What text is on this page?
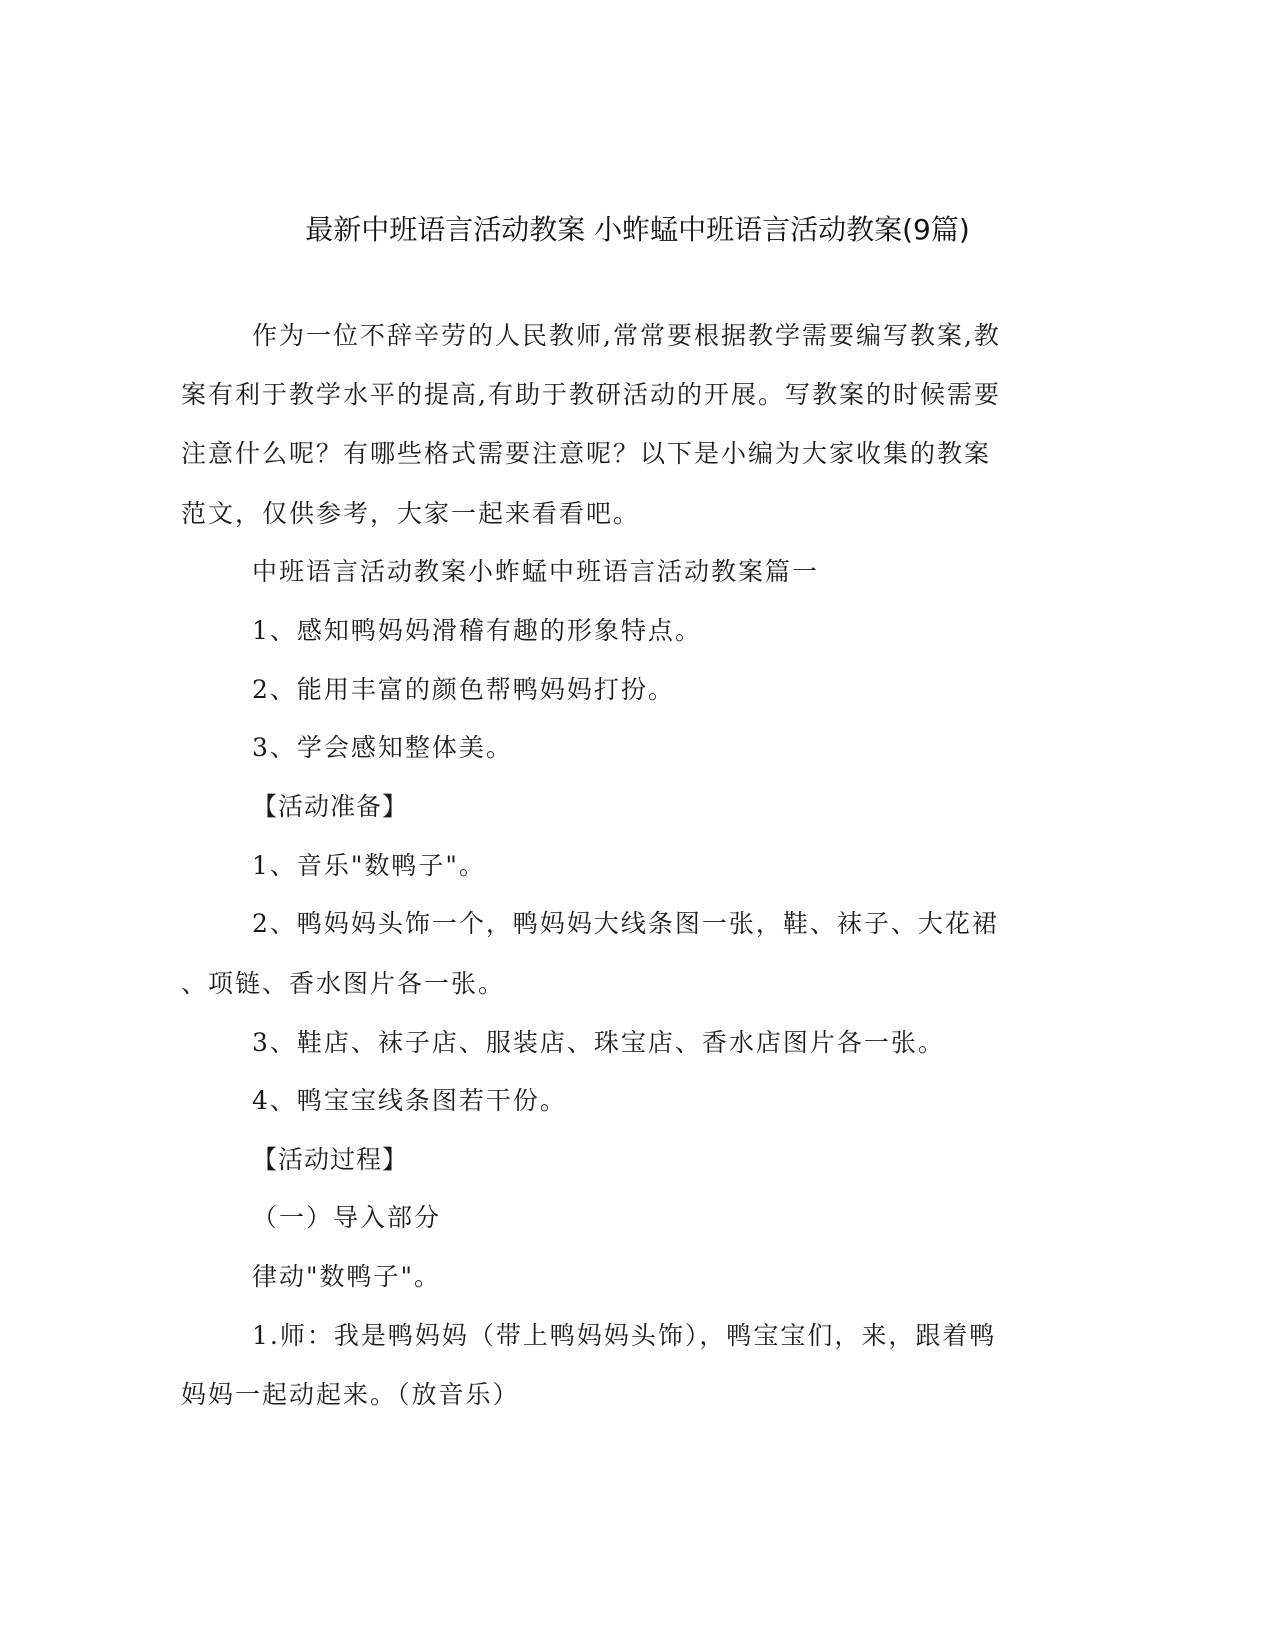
最新中班语言活动教案 小蚱蜢中班语言活动教案(9篇)
作为一位不辞辛劳的人民教师,常常要根据教学需要编写教案,教
案有利于教学水平的提高,有助于教研活动的开展。写教案的时候需要
注意什么呢？有哪些格式需要注意呢？以下是小编为大家收集的教案
范文，仅供参考，大家一起来看看吧。
中班语言活动教案小蚱蜢中班语言活动教案篇一
1、感知鸭妈妈滑稽有趣的形象特点。
2、能用丰富的颜色帮鸭妈妈打扮。
3、学会感知整体美。
【活动准备】
1、音乐"数鸭子"。
2、鸭妈妈头饰一个，鸭妈妈大线条图一张，鞋、袜子、大花裙
、项链、香水图片各一张。
3、鞋店、袜子店、服装店、珠宝店、香水店图片各一张。
4、鸭宝宝线条图若干份。
【活动过程】
（一）导入部分
律动"数鸭子"。
1.师：我是鸭妈妈（带上鸭妈妈头饰），鸭宝宝们，来，跟着鸭
妈妈一起动起来。（放音乐）
